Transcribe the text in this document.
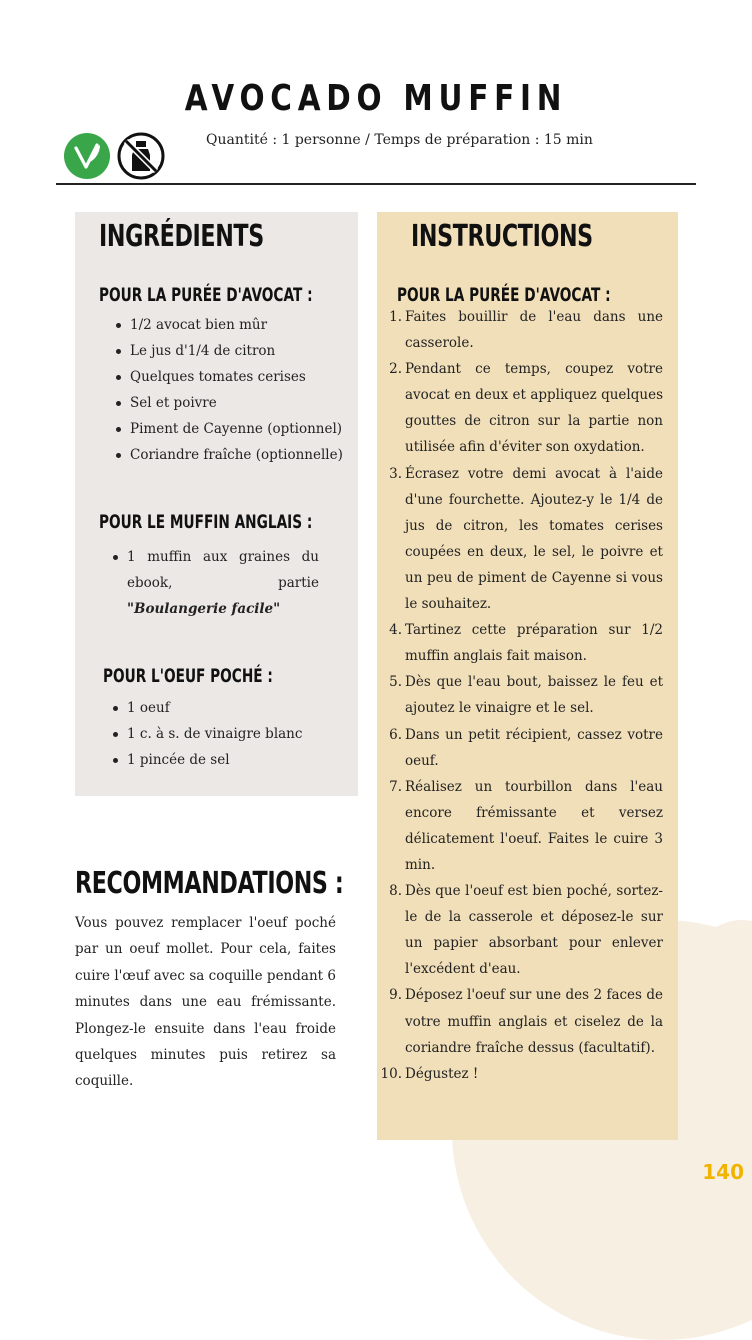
AVOCADO MUFFIN
Quantité : 1 personne / Temps de préparation : 15 min
INGRÉDIENTS
POUR LA PURÉE D'AVOCAT :
1/2 avocat bien mûr
Le jus d'1/4 de citron
Quelques tomates cerises
Sel et poivre
Piment de Cayenne (optionnel)
Coriandre fraîche (optionnelle)
POUR LE MUFFIN ANGLAIS :
1 muffin aux graines du ebook, partie "Boulangerie facile"
POUR L'OEUF POCHÉ :
1 oeuf
1 c. à s. de vinaigre blanc
1 pincée de sel
INSTRUCTIONS
POUR LA PURÉE D'AVOCAT :
1. Faites bouillir de l'eau dans une casserole.
2. Pendant ce temps, coupez votre avocat en deux et appliquez quelques gouttes de citron sur la partie non utilisée afin d'éviter son oxydation.
3. Écrasez votre demi avocat à l'aide d'une fourchette. Ajoutez-y le 1/4 de jus de citron, les tomates cerises coupées en deux, le sel, le poivre et un peu de piment de Cayenne si vous le souhaitez.
4. Tartinez cette préparation sur 1/2 muffin anglais fait maison.
5. Dès que l'eau bout, baissez le feu et ajoutez le vinaigre et le sel.
6. Dans un petit récipient, cassez votre oeuf.
7. Réalisez un tourbillon dans l'eau encore frémissante et versez délicatement l'oeuf. Faites le cuire 3 min.
8. Dès que l'oeuf est bien poché, sortez-le de la casserole et déposez-le sur un papier absorbant pour enlever l'excédent d'eau.
9. Déposez l'oeuf sur une des 2 faces de votre muffin anglais et ciselez de la coriandre fraîche dessus (facultatif).
10. Dégustez !
RECOMMANDATIONS :
Vous pouvez remplacer l'oeuf poché par un oeuf mollet. Pour cela, faites cuire l'œuf avec sa coquille pendant 6 minutes dans une eau frémissante. Plongez-le ensuite dans l'eau froide quelques minutes puis retirez sa coquille.
140
